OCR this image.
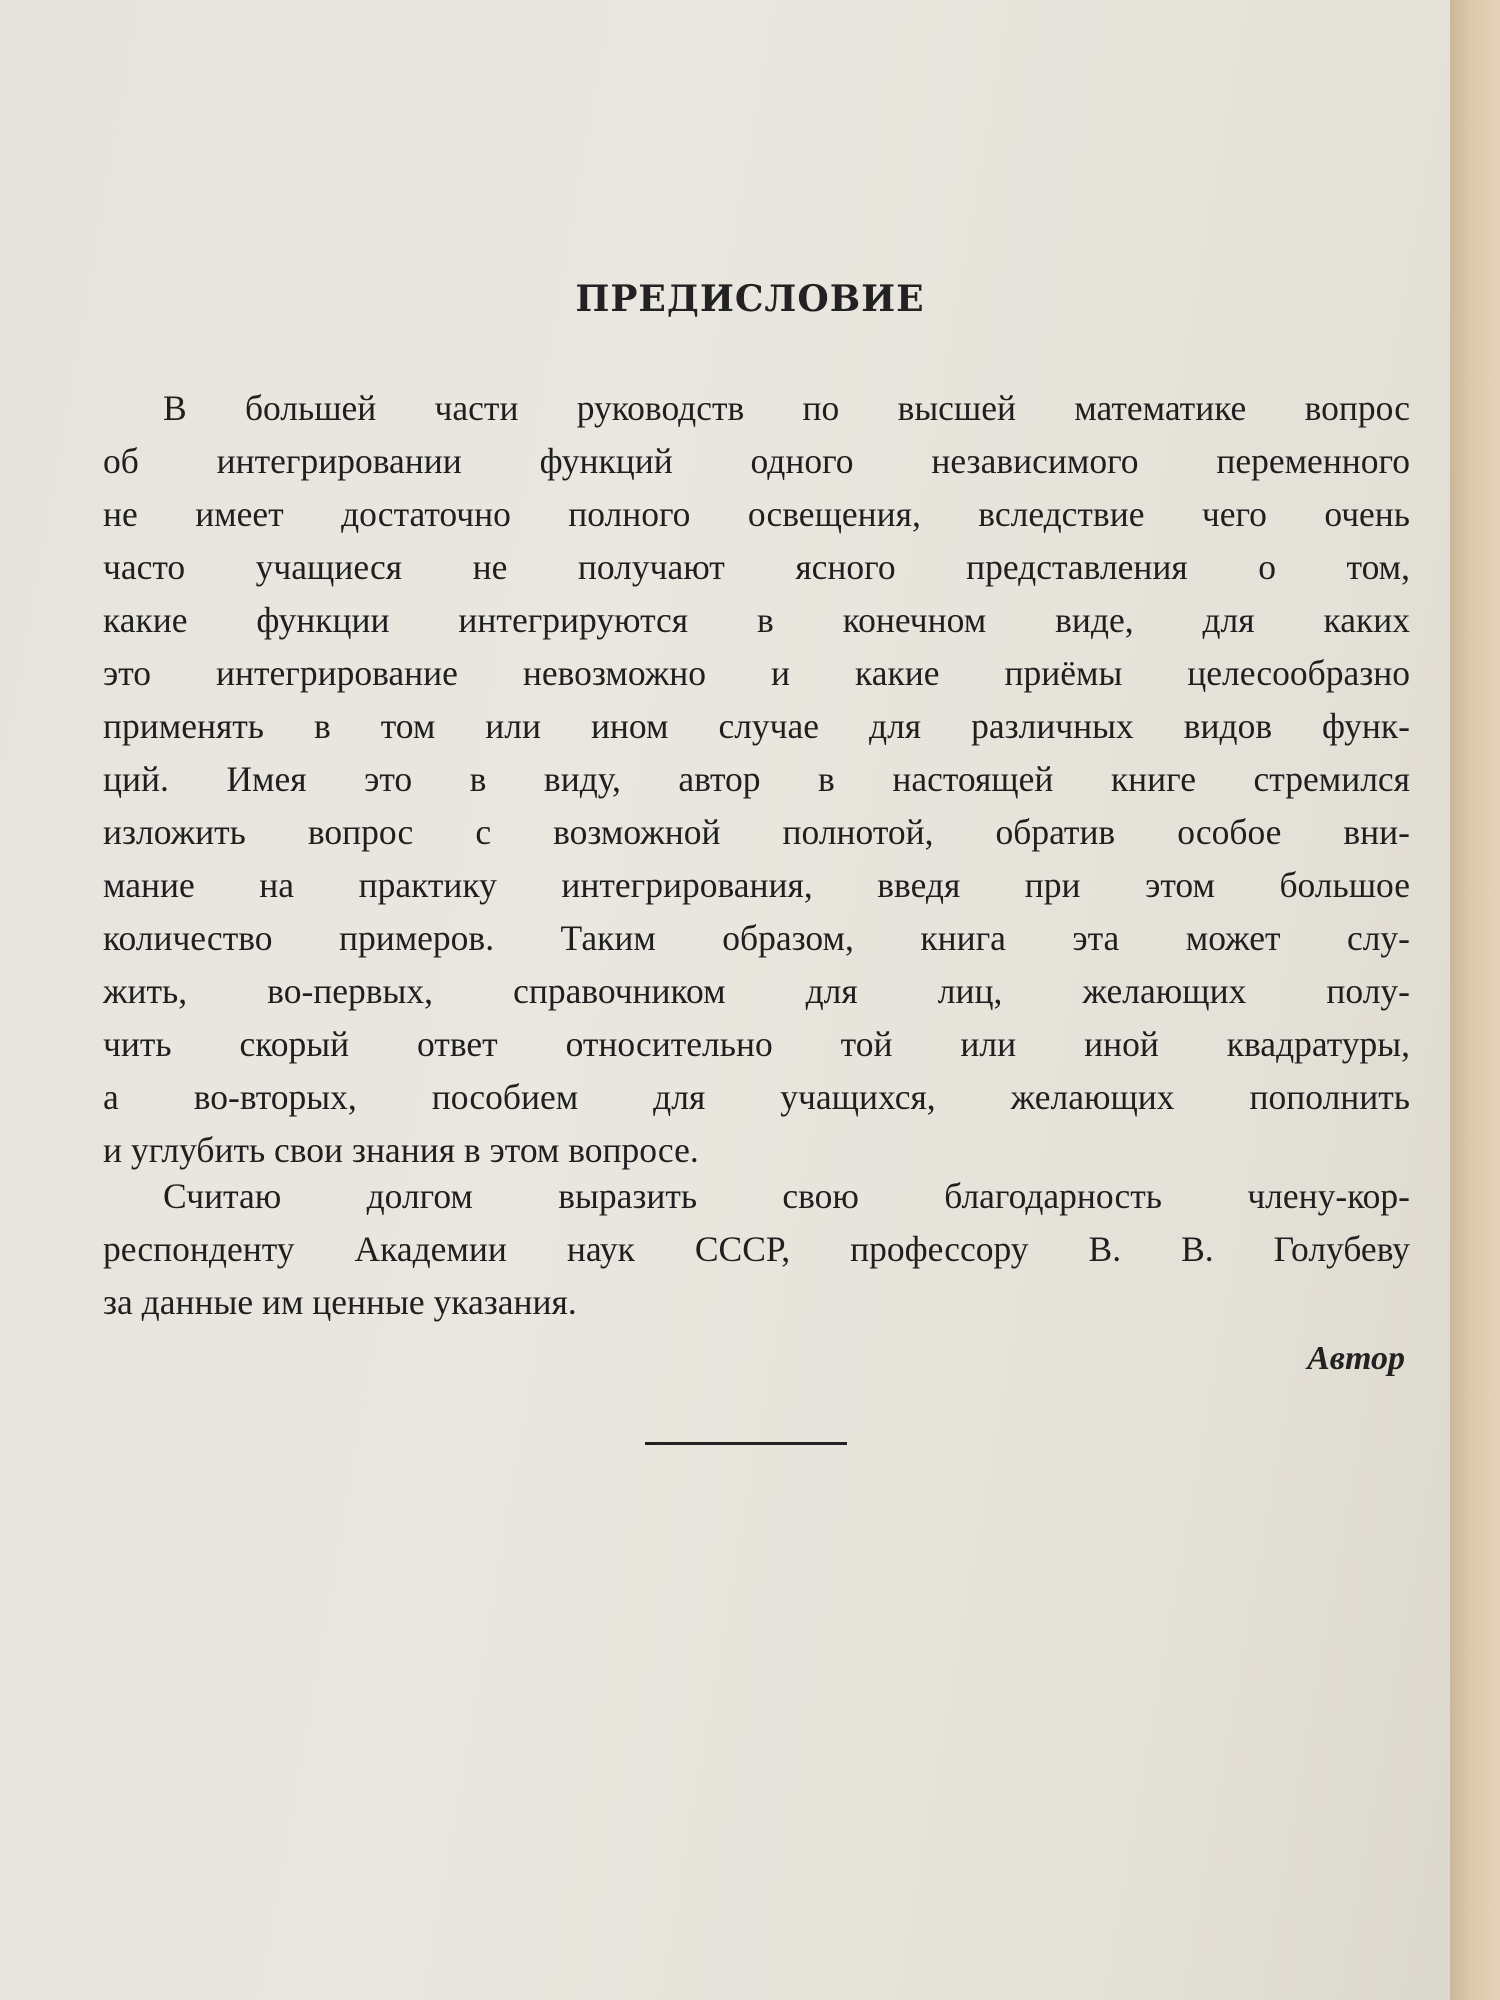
ПРЕДИСЛОВИЕ
В большей части руководств по высшей математике вопрос
об интегрировании функций одного независимого переменного
не имеет достаточно полного освещения, вследствие чего очень
часто учащиеся не получают ясного представления о том,
какие функции интегрируются в конечном виде, для каких
это интегрирование невозможно и какие приёмы целесообразно
применять в том или ином случае для различных видов функ-
ций. Имея это в виду, автор в настоящей книге стремился
изложить вопрос с возможной полнотой, обратив особое вни-
мание на практику интегрирования, введя при этом большое
количество примеров. Таким образом, книга эта может слу-
жить, во-первых, справочником для лиц, желающих полу-
чить скорый ответ относительно той или иной квадратуры,
а во-вторых, пособием для учащихся, желающих пополнить
и углубить свои знания в этом вопросе.
Считаю долгом выразить свою благодарность члену-кор-
респонденту Академии наук СССР, профессору В. В. Голубеву
за данные им ценные указания.
Автор
